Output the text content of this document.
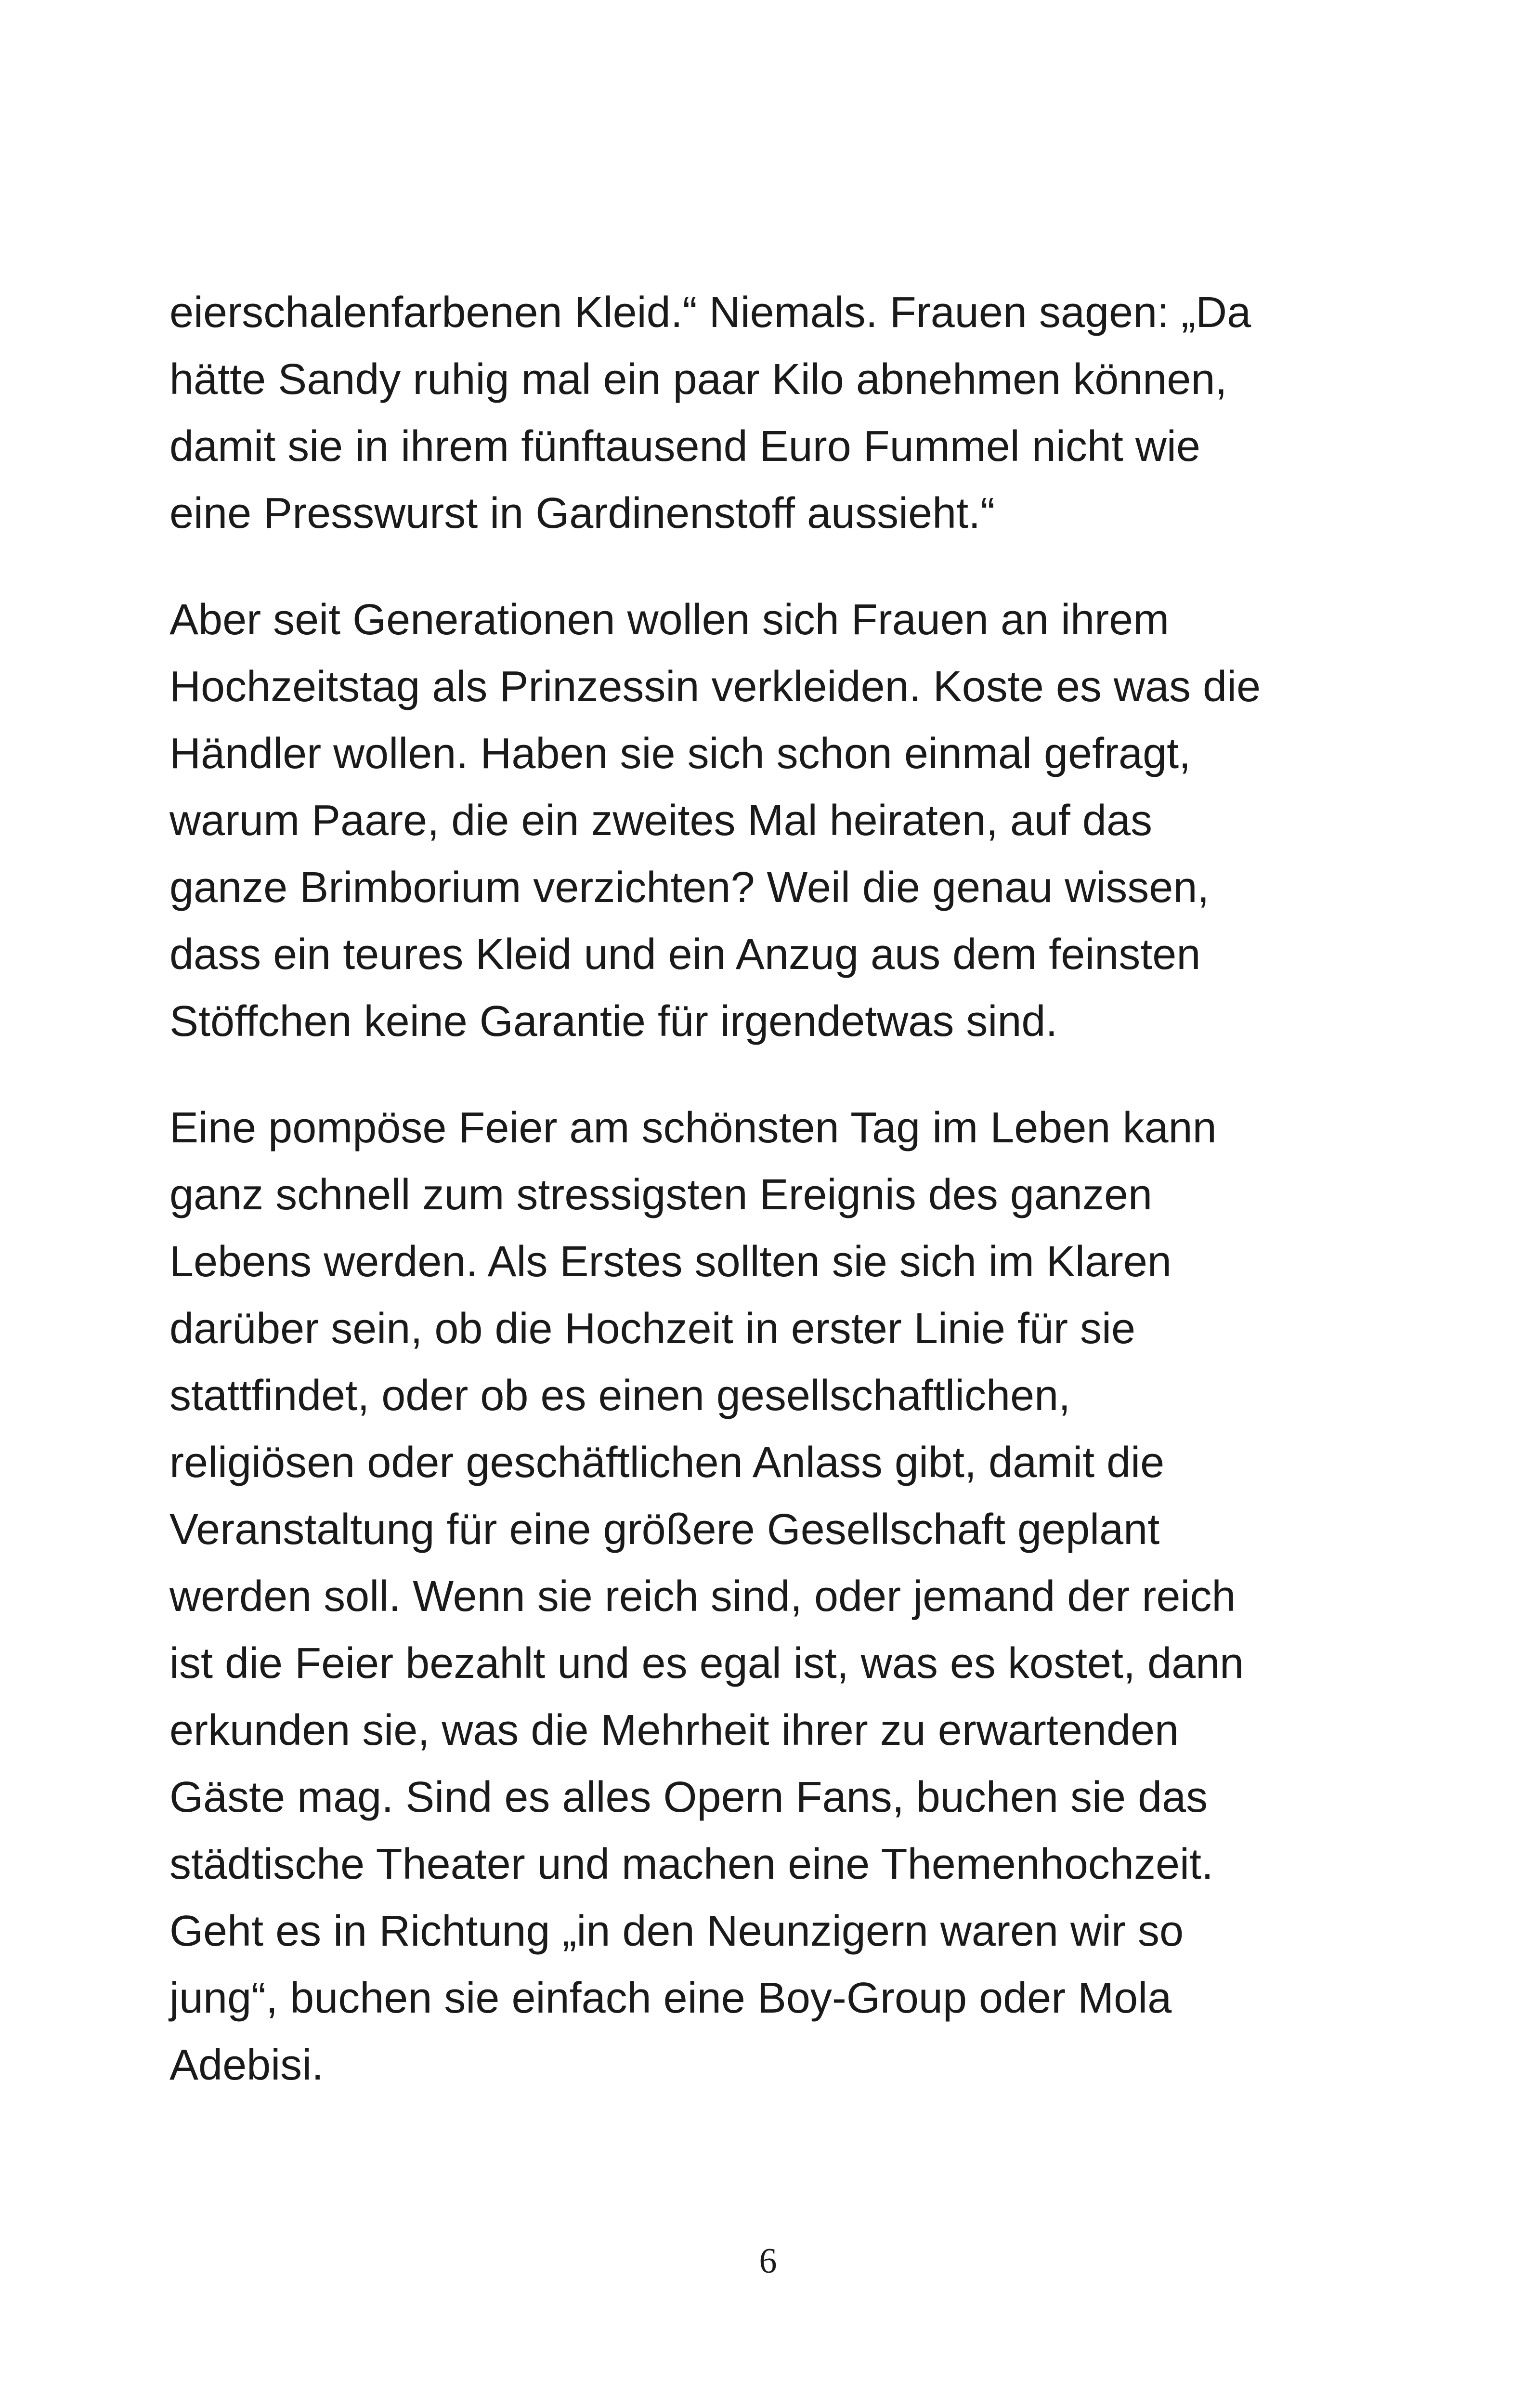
eierschalenfarbenen Kleid.“ Niemals. Frauen sagen: „Da
hätte Sandy ruhig mal ein paar Kilo abnehmen können,
damit sie in ihrem fünftausend Euro Fummel nicht wie
eine Presswurst in Gardinenstoff aussieht.“

Aber seit Generationen wollen sich Frauen an ihrem
Hochzeitstag als Prinzessin verkleiden. Koste es was die
Händler wollen. Haben sie sich schon einmal gefragt,
warum Paare, die ein zweites Mal heiraten, auf das
ganze Brimborium verzichten? Weil die genau wissen,
dass ein teures Kleid und ein Anzug aus dem feinsten
Stöffchen keine Garantie für irgendetwas sind.

Eine pompöse Feier am schönsten Tag im Leben kann
ganz schnell zum stressigsten Ereignis des ganzen
Lebens werden. Als Erstes sollten sie sich im Klaren
darüber sein, ob die Hochzeit in erster Linie für sie
stattfindet, oder ob es einen gesellschaftlichen,
religiösen oder geschäftlichen Anlass gibt, damit die
Veranstaltung für eine größere Gesellschaft geplant
werden soll. Wenn sie reich sind, oder jemand der reich
ist die Feier bezahlt und es egal ist, was es kostet, dann
erkunden sie, was die Mehrheit ihrer zu erwartenden
Gäste mag. Sind es alles Opern Fans, buchen sie das
städtische Theater und machen eine Themenhochzeit.
Geht es in Richtung „in den Neunzigern waren wir so
jung“, buchen sie einfach eine Boy-Group oder Mola
Adebisi.

6
